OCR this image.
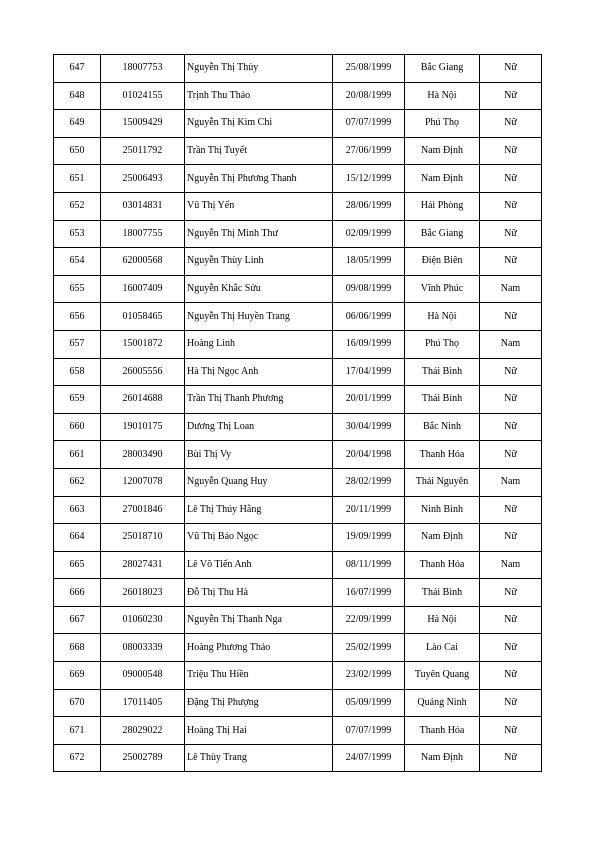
647	18007753	Nguyễn Thị Thủy	25/08/1999	Bắc Giang	Nữ
648	01024155	Trịnh Thu Thảo	20/08/1999	Hà Nội	Nữ
649	15009429	Nguyễn Thị Kim Chi	07/07/1999	Phú Thọ	Nữ
650	25011792	Trần Thị Tuyết	27/06/1999	Nam Định	Nữ
651	25006493	Nguyễn Thị Phương Thanh	15/12/1999	Nam Định	Nữ
652	03014831	Vũ Thị Yến	28/06/1999	Hải Phòng	Nữ
653	18007755	Nguyễn Thị Minh Thư	02/09/1999	Bắc Giang	Nữ
654	62000568	Nguyễn Thùy Linh	18/05/1999	Điện Biên	Nữ
655	16007409	Nguyễn Khắc Sửu	09/08/1999	Vĩnh Phúc	Nam
656	01058465	Nguyễn Thị Huyền Trang	06/06/1999	Hà Nội	Nữ
657	15001872	Hoàng Linh	16/09/1999	Phú Thọ	Nam
658	26005556	Hà Thị Ngọc Anh	17/04/1999	Thái Bình	Nữ
659	26014688	Trần Thị Thanh Phương	20/01/1999	Thái Bình	Nữ
660	19010175	Dương Thị Loan	30/04/1999	Bắc Ninh	Nữ
661	28003490	Bùi Thị Vy	20/04/1998	Thanh Hóa	Nữ
662	12007078	Nguyễn Quang Huy	28/02/1999	Thái Nguyên	Nam
663	27001846	Lê Thị Thúy Hằng	20/11/1999	Ninh Bình	Nữ
664	25018710	Vũ Thị Bảo Ngọc	19/09/1999	Nam Định	Nữ
665	28027431	Lê Võ Tiến Anh	08/11/1999	Thanh Hóa	Nam
666	26018023	Đỗ Thị Thu Hà	16/07/1999	Thái Bình	Nữ
667	01060230	Nguyễn Thị Thanh Nga	22/09/1999	Hà Nội	Nữ
668	08003339	Hoàng Phương Thảo	25/02/1999	Lào Cai	Nữ
669	09000548	Triệu Thu Hiền	23/02/1999	Tuyên Quang	Nữ
670	17011405	Đặng Thị Phượng	05/09/1999	Quảng Ninh	Nữ
671	28029022	Hoàng Thị Hai	07/07/1999	Thanh Hóa	Nữ
672	25002789	Lê Thùy Trang	24/07/1999	Nam Định	Nữ
